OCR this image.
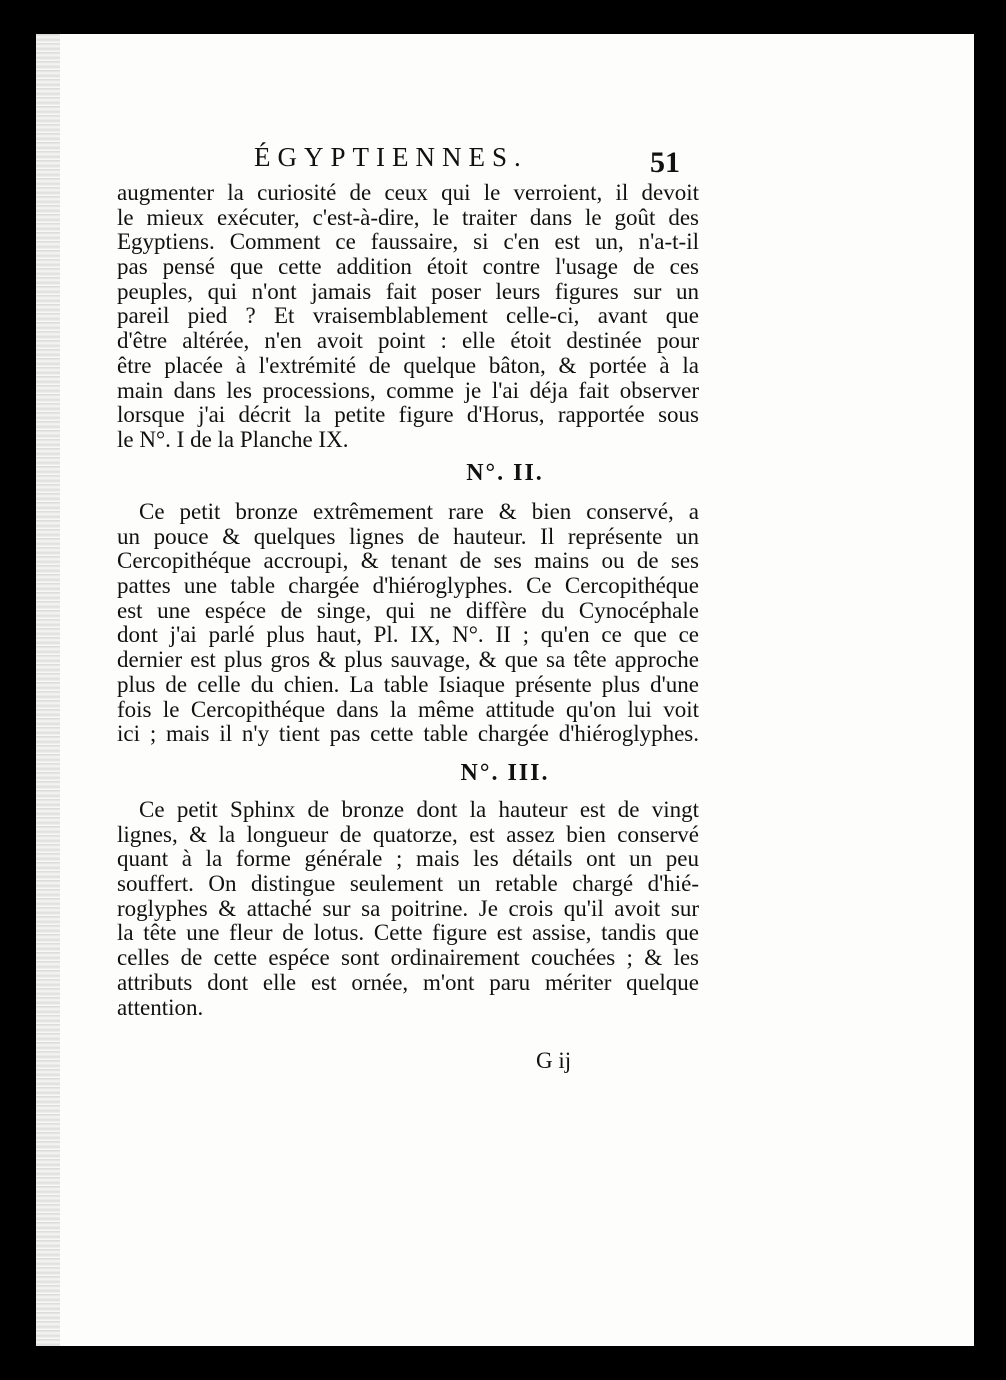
ÉGYPTIENNES.	51
augmenter la curiosité de ceux qui le verroient, il devoit
le mieux exécuter, c'est-à-dire, le traiter dans le goût des
Egyptiens. Comment ce faussaire, si c'en est un, n'a-t-il
pas pensé que cette addition étoit contre l'usage de ces
peuples, qui n'ont jamais fait poser leurs figures sur un
pareil pied ? Et vraisemblablement celle-ci, avant que
d'être altérée, n'en avoit point : elle étoit destinée pour
être placée à l'extrémité de quelque bâton, & portée à la
main dans les processions, comme je l'ai déja fait observer
lorsque j'ai décrit la petite figure d'Horus, rapportée sous
le N°. I de la Planche IX.
N°. II.
Ce petit bronze extrêmement rare & bien conservé, a
un pouce & quelques lignes de hauteur. Il représente un
Cercopithéque accroupi, & tenant de ses mains ou de ses
pattes une table chargée d'hiéroglyphes. Ce Cercopithéque
est une espéce de singe, qui ne diffère du Cynocéphale
dont j'ai parlé plus haut, Pl. IX, N°. II ; qu'en ce que ce
dernier est plus gros & plus sauvage, & que sa tête approche
plus de celle du chien. La table Isiaque présente plus d'une
fois le Cercopithéque dans la même attitude qu'on lui voit
ici ; mais il n'y tient pas cette table chargée d'hiéroglyphes.
N°. III.
Ce petit Sphinx de bronze dont la hauteur est de vingt
lignes, & la longueur de quatorze, est assez bien conservé
quant à la forme générale ; mais les détails ont un peu
souffert. On distingue seulement un retable chargé d'hié-
roglyphes & attaché sur sa poitrine. Je crois qu'il avoit sur
la tête une fleur de lotus. Cette figure est assise, tandis que
celles de cette espéce sont ordinairement couchées ; & les
attributs dont elle est ornée, m'ont paru mériter quelque
attention.
G ij
